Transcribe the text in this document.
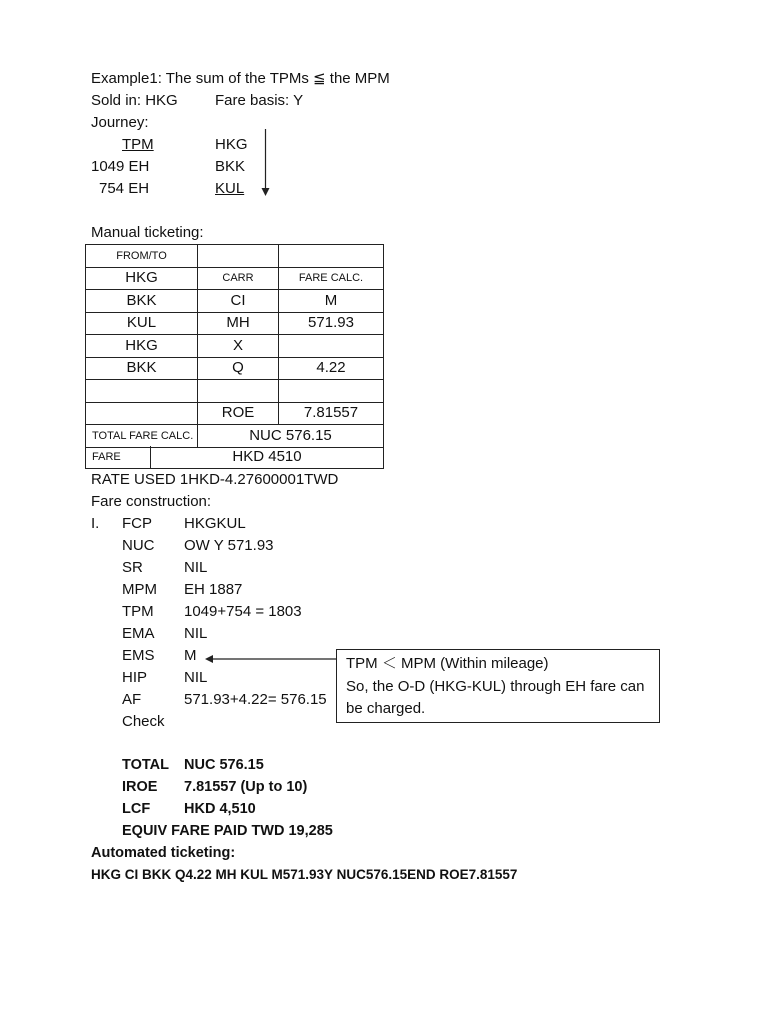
Example1: The sum of the TPMs ≦ the MPM
Sold in: HKG Fare basis: Y
Journey:
TPM	HKG
1049 EH	BKK
754 EH	KUL
Manual ticketing:
FROM/TO		
HKG	CARR	FARE CALC.
BKK	CI	M
KUL	MH	571.93
HKG	X	
BKK	Q	4.22

	ROE	7.81557
TOTAL FARE CALC.	NUC 576.15	
FARE	HKD 4510
RATE USED 1HKD-4.27600001TWD
Fare construction:
I. FCP HKGKUL
NUC OW Y 571.93
SR	NIL
MPM EH 1887
TPM 1049+754 = 1803
EMA NIL
EMS M
HIP NIL
AF	571.93+4.22= 576.15
Check
TPM ＜ MPM (Within mileage)
So, the O-D (HKG-KUL) through EH fare can be charged.
TOTAL NUC 576.15
IROE 7.81557 (Up to 10)
LCF HKD 4,510
EQUIV FARE PAID TWD 19,285
Automated ticketing:
HKG CI BKK Q4.22 MH KUL M571.93Y NUC576.15END ROE7.81557
